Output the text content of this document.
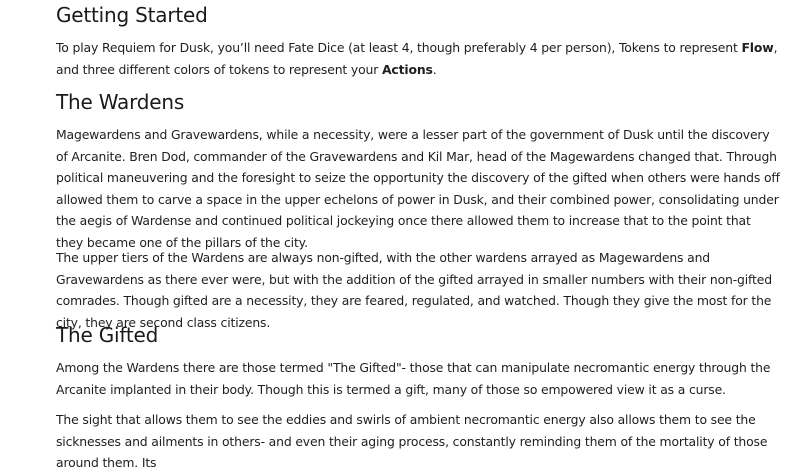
Getting Started

To play Requiem for Dusk, you’ll need Fate Dice (at least 4, though preferably 4 per person), Tokens to represent Flow, and three different colors of tokens to represent your Actions.

The Wardens

Magewardens and Gravewardens, while a necessity, were a lesser part of the government of Dusk until the discovery of Arcanite. Bren Dod, commander of the Gravewardens and Kil Mar, head of the Magewardens changed that. Through political maneuvering and the foresight to seize the opportunity the discovery of the gifted when others were hands off allowed them to carve a space in the upper echelons of power in Dusk, and their combined power, consolidating under the aegis of Wardense and continued political jockeying once there allowed them to increase that to the point that they became one of the pillars of the city.

The upper tiers of the Wardens are always non-gifted, with the other wardens arrayed as Magewardens and Gravewardens as there ever were, but with the addition of the gifted arrayed in smaller numbers with their non-gifted comrades. Though gifted are a necessity, they are feared, regulated, and watched. Though they give the most for the city, they are second class citizens.

The Gifted

Among the Wardens there are those termed "The Gifted"- those that can manipulate necromantic energy through the Arcanite implanted in their body. Though this is termed a gift, many of those so empowered view it as a curse.

The sight that allows them to see the eddies and swirls of ambient necromantic energy also allows them to see the sicknesses and ailments in others- and even their aging process, constantly reminding them of the mortality of those around them. Its
